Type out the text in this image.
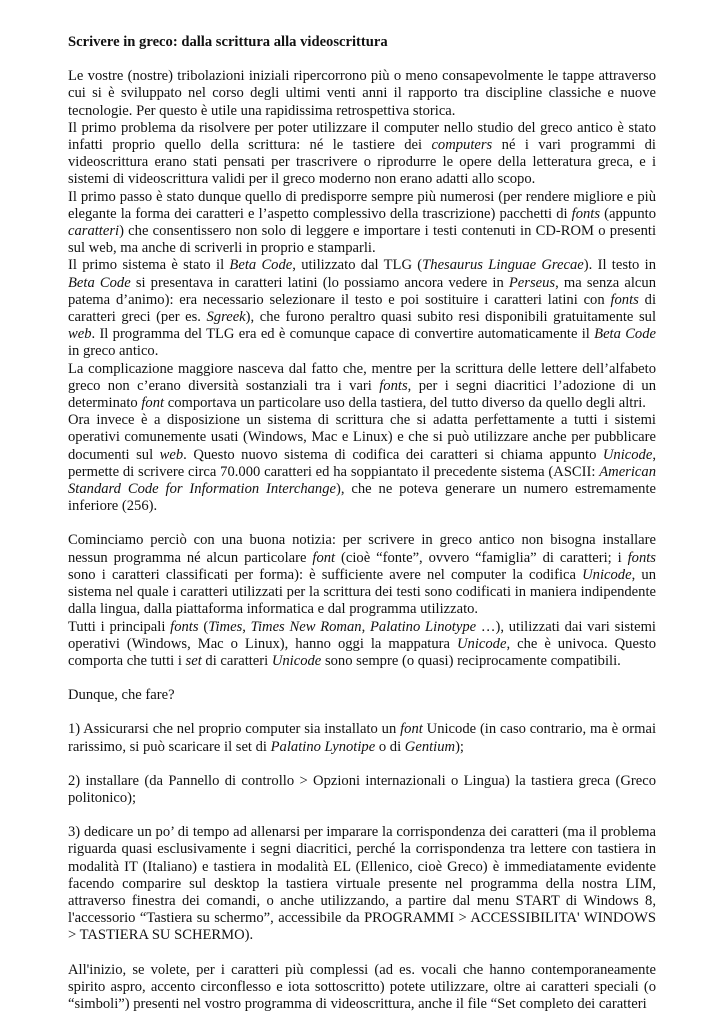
Scrivere in greco: dalla scrittura alla videoscrittura

Le vostre (nostre) tribolazioni iniziali ripercorrono più o meno consapevolmente le tappe attraverso cui si è sviluppato nel corso degli ultimi venti anni il rapporto tra discipline classiche e nuove tecnologie. Per questo è utile una rapidissima retrospettiva storica.

Il primo problema da risolvere per poter utilizzare il computer nello studio del greco antico è stato infatti proprio quello della scrittura: né le tastiere dei computers né i vari programmi di videoscrittura erano stati pensati per trascrivere o riprodurre le opere della letteratura greca, e i sistemi di videoscrittura validi per il greco moderno non erano adatti allo scopo.

Il primo passo è stato dunque quello di predisporre sempre più numerosi (per rendere migliore e più elegante la forma dei caratteri e l’aspetto complessivo della trascrizione) pacchetti di fonts (appunto caratteri) che consentissero non solo di leggere e importare i testi contenuti in CD-ROM o presenti sul web, ma anche di scriverli in proprio e stamparli.

Il primo sistema è stato il Beta Code, utilizzato dal TLG (Thesaurus Linguae Grecae). Il testo in Beta Code si presentava in caratteri latini (lo possiamo ancora vedere in Perseus, ma senza alcun patema d’animo): era necessario selezionare il testo e poi sostituire i caratteri latini con fonts di caratteri greci (per es. Sgreek), che furono peraltro quasi subito resi disponibili gratuitamente sul web. Il programma del TLG era ed è comunque capace di convertire automaticamente il Beta Code in greco antico.

La complicazione maggiore nasceva dal fatto che, mentre per la scrittura delle lettere dell’alfabeto greco non c’erano diversità sostanziali tra i vari fonts, per i segni diacritici l’adozione di un determinato font comportava un particolare uso della tastiera, del tutto diverso da quello degli altri.

Ora invece è a disposizione un sistema di scrittura che si adatta perfettamente a tutti i sistemi operativi comunemente usati (Windows, Mac e Linux) e che si può utilizzare anche per pubblicare documenti sul web. Questo nuovo sistema di codifica dei caratteri si chiama appunto Unicode, permette di scrivere circa 70.000 caratteri ed ha soppiantato il precedente sistema (ASCII: American Standard Code for Information Interchange), che ne poteva generare un numero estremamente inferiore (256).

Cominciamo perciò con una buona notizia: per scrivere in greco antico non bisogna installare nessun programma né alcun particolare font (cioè “fonte”, ovvero “famiglia” di caratteri; i fonts sono i caratteri classificati per forma): è sufficiente avere nel computer la codifica Unicode, un sistema nel quale i caratteri utilizzati per la scrittura dei testi sono codificati in maniera indipendente dalla lingua, dalla piattaforma informatica e dal programma utilizzato.

Tutti i principali fonts (Times, Times New Roman, Palatino Linotype …), utilizzati dai vari sistemi operativi (Windows, Mac o Linux), hanno oggi la mappatura Unicode, che è univoca. Questo comporta che tutti i set di caratteri Unicode sono sempre (o quasi) reciprocamente compatibili.

Dunque, che fare?

1) Assicurarsi che nel proprio computer sia installato un font Unicode (in caso contrario, ma è ormai rarissimo, si può scaricare il set di Palatino Lynotipe o di Gentium);

2) installare (da Pannello di controllo > Opzioni internazionali o Lingua) la tastiera greca (Greco politonico);

3) dedicare un po’ di tempo ad allenarsi per imparare la corrispondenza dei caratteri (ma il problema riguarda quasi esclusivamente i segni diacritici, perché la corrispondenza tra lettere con tastiera in modalità IT (Italiano) e tastiera in modalità EL (Ellenico, cioè Greco) è immediatamente evidente facendo comparire sul desktop la tastiera virtuale presente nel programma della nostra LIM, attraverso finestra dei comandi, o anche utilizzando, a partire dal menu START di Windows 8, l'accessorio “Tastiera su schermo”, accessibile da PROGRAMMI > ACCESSIBILITA' WINDOWS > TASTIERA SU SCHERMO).

All'inizio, se volete, per i caratteri più complessi (ad es. vocali che hanno contemporaneamente spirito aspro, accento circonflesso e iota sottoscritto) potete utilizzare, oltre ai caratteri speciali (o “simboli”) presenti nel vostro programma di videoscrittura, anche il file “Set completo dei caratteri
